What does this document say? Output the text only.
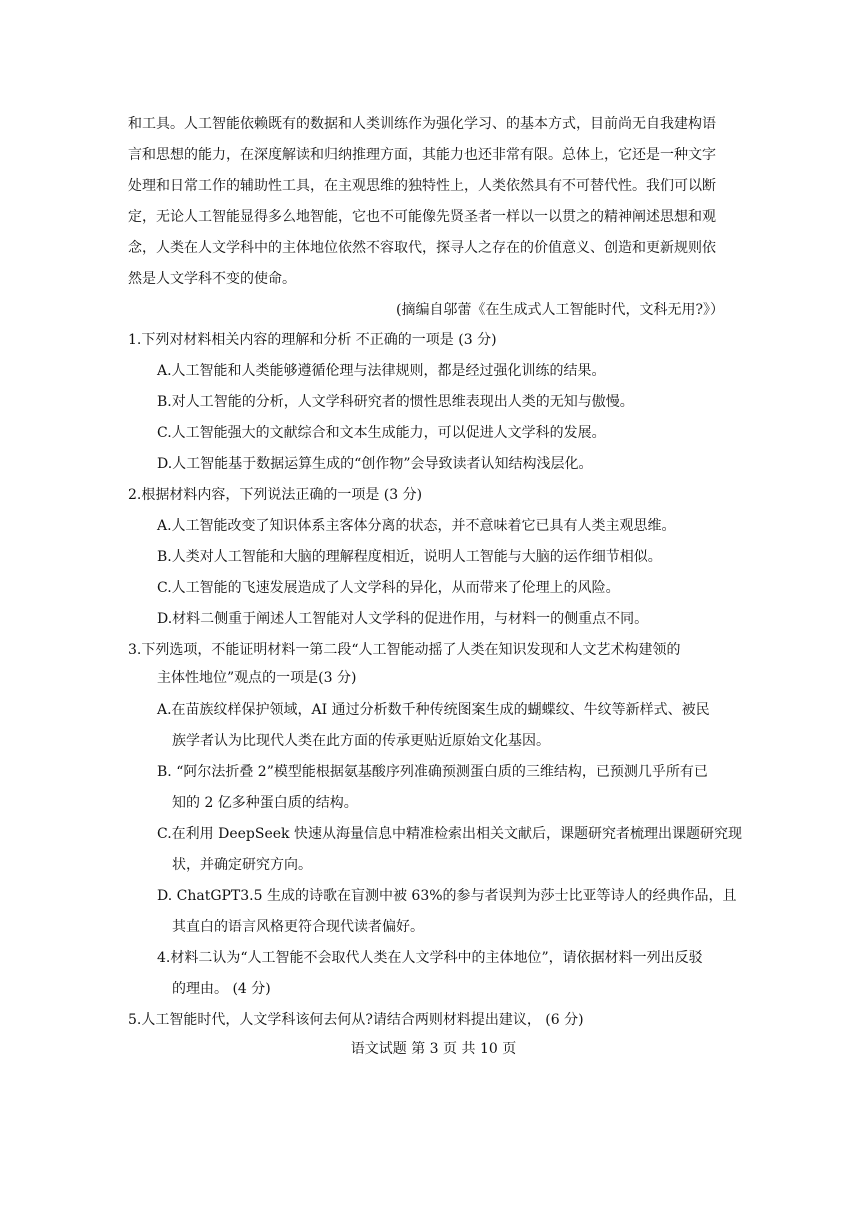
和工具。人工智能依赖既有的数据和人类训练作为强化学习、的基本方式，目前尚无自我建构语

言和思想的能力，在深度解读和归纳推理方面，其能力也还非常有限。总体上，它还是一种文字

处理和日常工作的辅助性工具，在主观思维的独特性上，人类依然具有不可替代性。我们可以断

定，无论人工智能显得多么地智能，它也不可能像先贤圣者一样以一以贯之的精神阐述思想和观

念，人类在人文学科中的主体地位依然不容取代，探寻人之存在的价值意义、创造和更新规则依

然是人文学科不变的使命。

(摘编自邬蕾《在生成式人工智能时代，文科无用?》）

1.下列对材料相关内容的理解和分析 不正确的一项是 (3 分)

A.人工智能和人类能够遵循伦理与法律规则，都是经过强化训练的结果。

B.对人工智能的分析，人文学科研究者的惯性思维表现出人类的无知与傲慢。

C.人工智能强大的文献综合和文本生成能力，可以促进人文学科的发展。

D.人工智能基于数据运算生成的“创作物”会导致读者认知结构浅层化。

2.根据材料内容，下列说法正确的一项是 (3 分)

A.人工智能改变了知识体系主客体分离的状态，并不意味着它已具有人类主观思维。

B.人类对人工智能和大脑的理解程度相近，说明人工智能与大脑的运作细节相似。

C.人工智能的飞速发展造成了人文学科的异化，从而带来了伦理上的风险。

D.材料二侧重于阐述人工智能对人文学科的促进作用，与材料一的侧重点不同。

3.下列选项，不能证明材料一第二段“人工智能动摇了人类在知识发现和人文艺术构建领的

主体性地位”观点的一项是(3 分)

A.在苗族纹样保护领域，AI 通过分析数千种传统图案生成的蝴蝶纹、牛纹等新样式、被民

族学者认为比现代人类在此方面的传承更贴近原始文化基因。

B. “阿尔法折叠 2”模型能根据氨基酸序列准确预测蛋白质的三维结构，已预测几乎所有已

知的 2 亿多种蛋白质的结构。

C.在利用 DeepSeek 快速从海量信息中精准检索出相关文献后，课题研究者梳理出课题研究现

状，并确定研究方向。

D. ChatGPT3.5 生成的诗歌在盲测中被 63%的参与者误判为莎士比亚等诗人的经典作品，且

其直白的语言风格更符合现代读者偏好。

4.材料二认为“人工智能不会取代人类在人文学科中的主体地位”，请依据材料一列出反驳

的理由。 (4 分)

5.人工智能时代，人文学科该何去何从?请结合两则材料提出建议， (6 分)

语文试题 第 3 页 共 10 页
